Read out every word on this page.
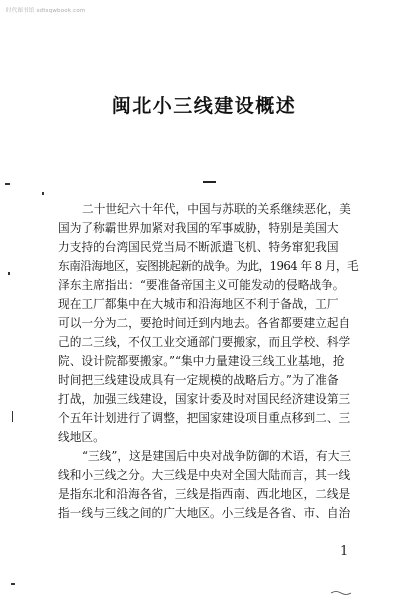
时代图书馆 sdtsqwbook.com
闽北小三线建设概述
二十世纪六十年代，中国与苏联的关系继续恶化，美
国为了称霸世界加紧对我国的军事威胁，特别是美国大
力支持的台湾国民党当局不断派遣飞机、特务窜犯我国
东南沿海地区，妄图挑起新的战争。为此，1964 年 8 月，毛
泽东主席指出：“要准备帝国主义可能发动的侵略战争。
现在工厂都集中在大城市和沿海地区不利于备战，工厂
可以一分为二，要抢时间迁到内地去。各省都要建立起自
己的二三线，不仅工业交通部门要搬家，而且学校、科学
院、设计院都要搬家。”“集中力量建设三线工业基地，抢
时间把三线建设成具有一定规模的战略后方。”为了准备
打战，加强三线建设，国家计委及时对国民经济建设第三
个五年计划进行了调整，把国家建设项目重点移到二、三
线地区。
“三线”，这是建国后中央对战争防御的术语，有大三
线和小三线之分。大三线是中央对全国大陆而言，其一线
是指东北和沿海各省，三线是指西南、西北地区，二线是
指一线与三线之间的广大地区。小三线是各省、市、自治
1
